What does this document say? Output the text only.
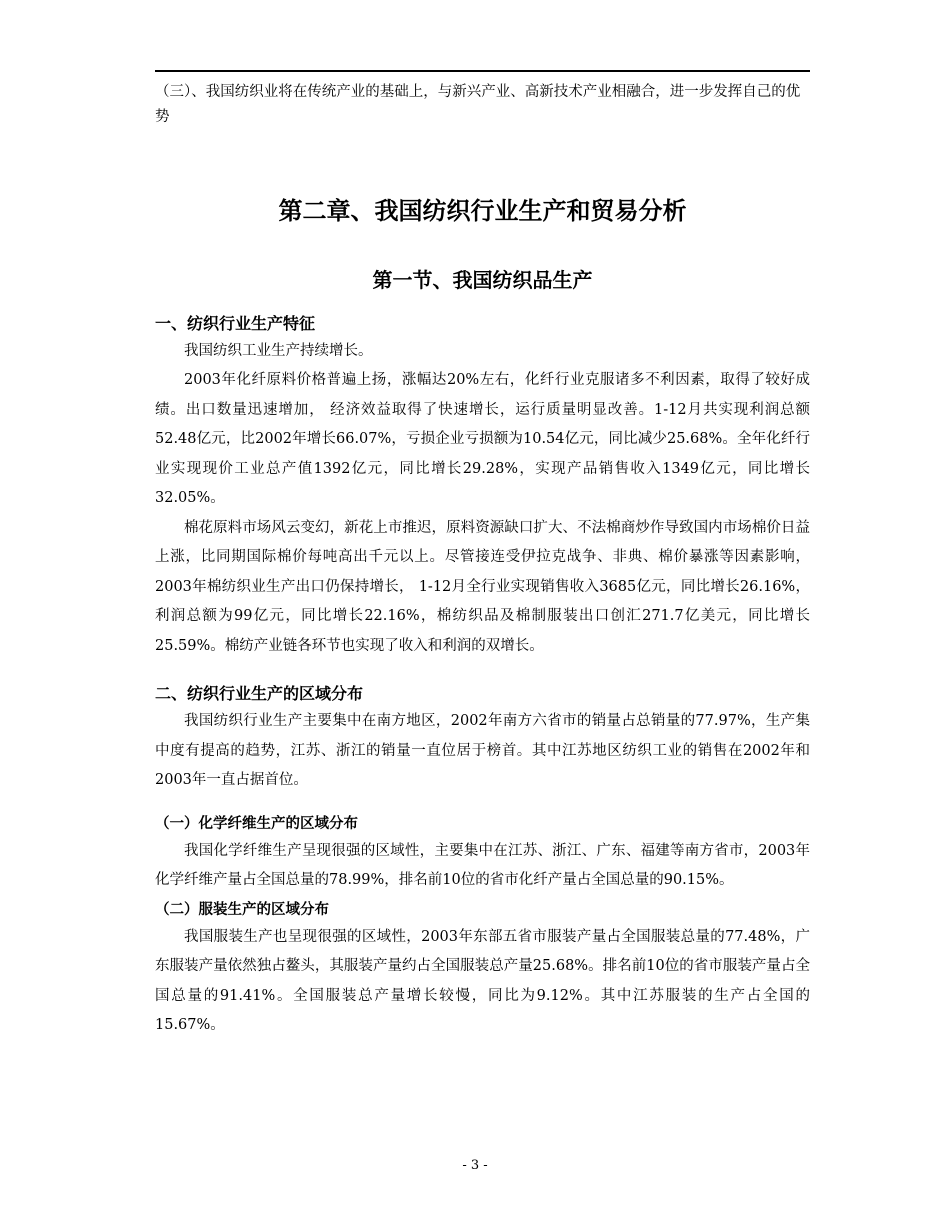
（三）、我国纺织业将在传统产业的基础上，与新兴产业、高新技术产业相融合，进一步发挥自己的优势

第二章、我国纺织行业生产和贸易分析
第一节、我国纺织品生产
一、纺织行业生产特征

我国纺织工业生产持续增长。

2003年化纤原料价格普遍上扬，涨幅达20%左右，化纤行业克服诸多不利因素，取得了较好成绩。出口数量迅速增加， 经济效益取得了快速增长，运行质量明显改善。1-12月共实现利润总额52.48亿元，比2002年增长66.07%，亏损企业亏损额为10.54亿元，同比减少25.68%。全年化纤行业实现现价工业总产值1392亿元，同比增长29.28%，实现产品销售收入1349亿元，同比增长32.05%。

棉花原料市场风云变幻，新花上市推迟，原料资源缺口扩大、不法棉商炒作导致国内市场棉价日益上涨，比同期国际棉价每吨高出千元以上。尽管接连受伊拉克战争、非典、棉价暴涨等因素影响，2003年棉纺织业生产出口仍保持增长， 1-12月全行业实现销售收入3685亿元，同比增长26.16%，利润总额为99亿元，同比增长22.16%，棉纺织品及棉制服装出口创汇271.7亿美元，同比增长25.59%。棉纺产业链各环节也实现了收入和利润的双增长。

二、纺织行业生产的区域分布

我国纺织行业生产主要集中在南方地区，2002年南方六省市的销量占总销量的77.97%，生产集中度有提高的趋势，江苏、浙江的销量一直位居于榜首。其中江苏地区纺织工业的销售在2002年和2003年一直占据首位。

（一）化学纤维生产的区域分布

我国化学纤维生产呈现很强的区域性，主要集中在江苏、浙江、广东、福建等南方省市，2003年化学纤维产量占全国总量的78.99%，排名前10位的省市化纤产量占全国总量的90.15%。

（二）服装生产的区域分布

我国服装生产也呈现很强的区域性，2003年东部五省市服装产量占全国服装总量的77.48%，广东服装产量依然独占鳌头，其服装产量约占全国服装总产量25.68%。排名前10位的省市服装产量占全国总量的91.41%。全国服装总产量增长较慢，同比为9.12%。其中江苏服装的生产占全国的15.67%。

- 3 -
